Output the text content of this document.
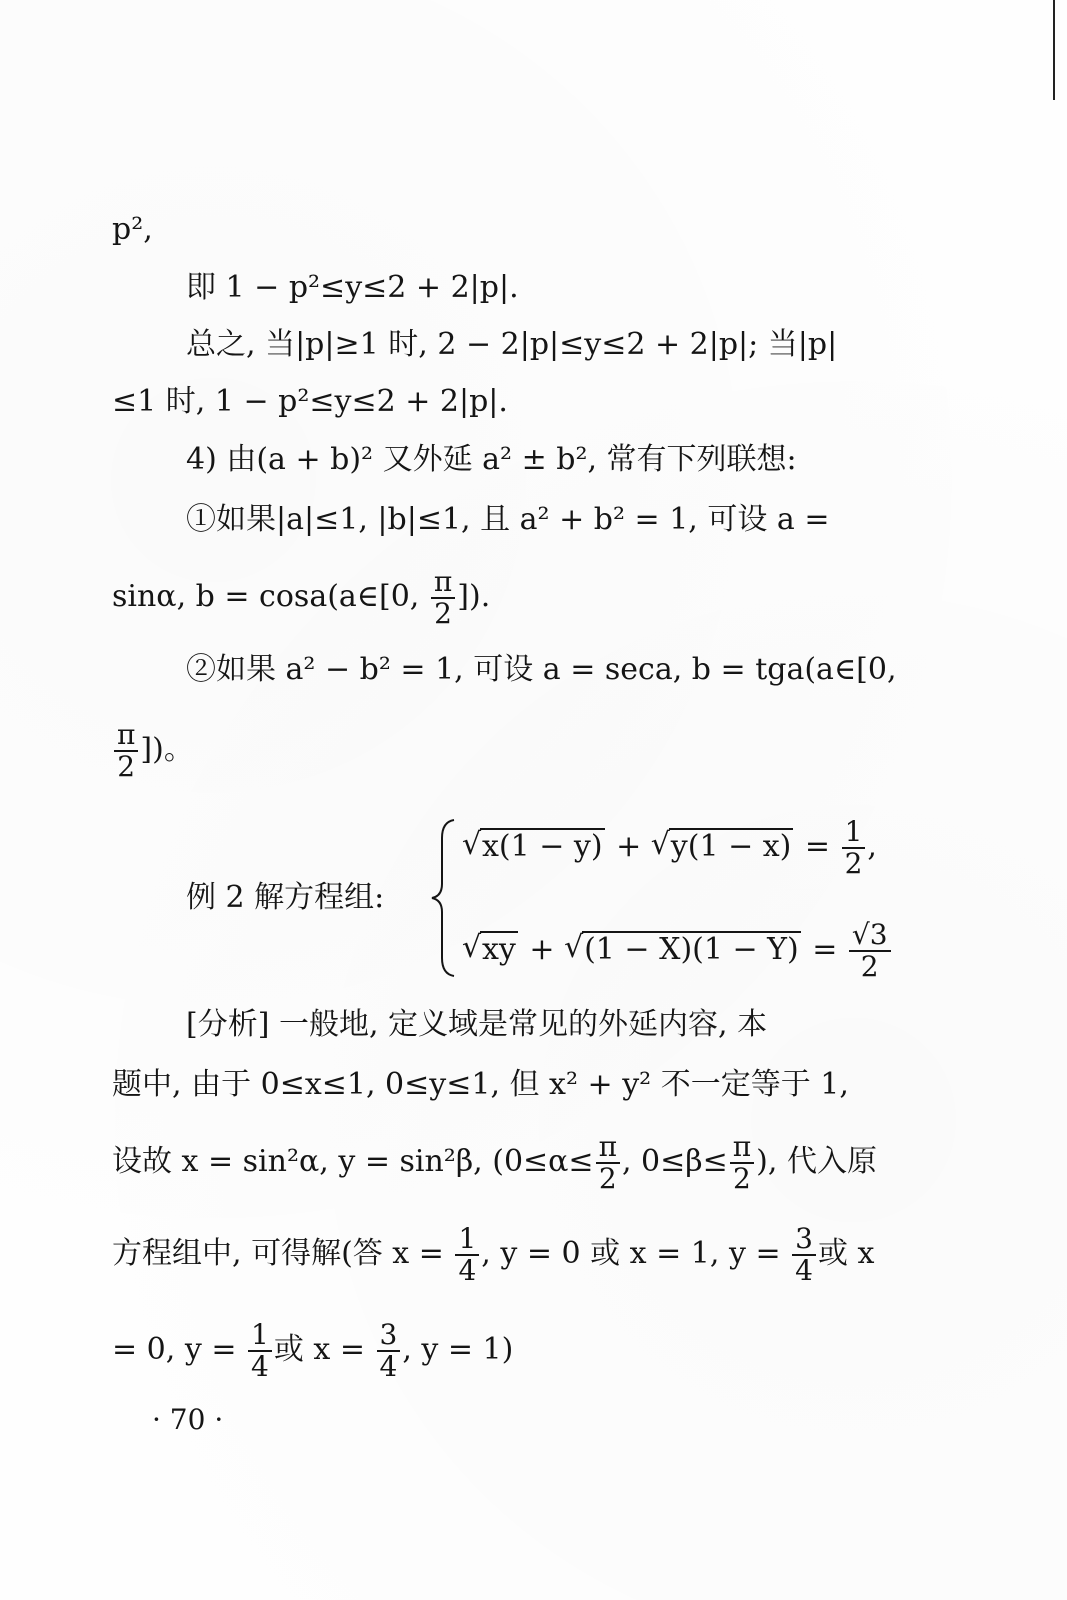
p²,
即 1 − p²≤y≤2 + 2|p|.
总之, 当|p|≥1 时, 2 − 2|p|≤y≤2 + 2|p|; 当|p|
≤1 时, 1 − p²≤y≤2 + 2|p|.
4) 由(a + b)² 又外延 a² ± b², 常有下列联想:
①如果|a|≤1, |b|≤1, 且 a² + b² = 1, 可设 a =
sinα, b = cosa(a∈[0, $\frac{\pi}{2}$ ]).
②如果 a² − b² = 1, 可设 a = seca, b = tga(a∈[0,
$\frac{\pi}{2}$ ])。
例 2 解方程组:
√ x(1 − y) + √ $y(1 - x) = \frac{1}{2}$ ,
√ xy + √ $(1 - X)(1 - Y) = \frac{√3}{2}$
[分析] 一般地, 定义域是常见的外延内容, 本
题中, 由于 0≤x≤1, 0≤y≤1, 但 x² + y² 不一定等于 1,
设故 x = sin²α, y = sin²β, ($0\le\alpha\le \frac{\pi}{2}$ , $0\le\beta\le \frac{\pi}{2}$ ), 代入原
方程组中, 可得解(答 $x = \frac{1}{4}$ , y = 0 或 x = 1, $y = \frac{3}{4}$ 或 x
= 0, $y = \frac{1}{4}$ 或 $x = \frac{3}{4}$ , y = 1)
· 70 ·
